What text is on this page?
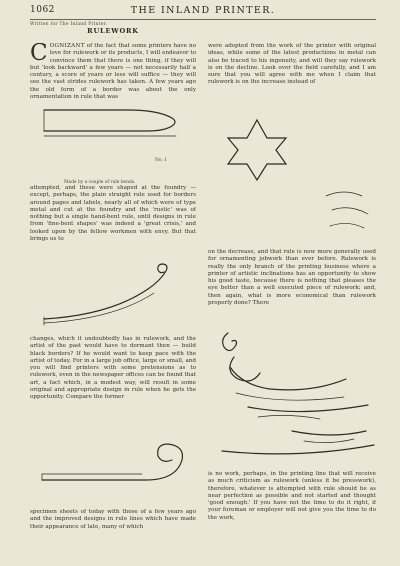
1062	THE INLAND PRINTER.
Written for The Inland Printer.
RULEWORK
· · · · ·

COGNIZANT of the fact that some printers have no love for rulework or its products, I will endeavor to convince them that there is one thing, if they will but 'look backward' a few years — not necessarily half a century, a score of years or less will suffice — they will see the vast strides rulework has taken. A few years ago the old form of a border was about the only ornamentation in rule that was

No. 1
Made by a couple of rule bends.
attempted, and these were shaped at the foundry — except, perhaps, the plain straight rule used for borders around pages and labels, nearly all of which were of type metal and cut at the foundry and the 'rustic' was of nothing but a single hand-bent rule, until designs in rule from 'fine-bent shapes' was indeed a 'great crisis,' and looked upon by the fellow workmen with envy. But that brings us to
changes, which it undoubtedly has in rulework, and the artist of the past would have to dormant then — build black borders? If he would want to keep pace with the artist of today. For in a large job office, large or small, and you will find printers with some pretensions as to rulework, even in the newspaper offices can be found that art, a fact which, in a modest way, will result in some original and appropriate design in rule when he gets the opportunity. Compare the former
specimen sheets of today with those of a few years ago and the improved designs in rule lines which have made their appearance of late, many of which
were adopted from the work of the printer with original ideas, while some of the latest productions in metal can also be traced to his ingenuity, and will they say rulework is on the decline. Look over the field carefully, and I am sure that you will agree with me when I claim that rulework is on the increase instead of
on the decrease, and that rule is now more generally used for ornamenting jobwork than ever before. Rulework is really the only branch of the printing business where a printer of artistic inclinations has an opportunity to show his good taste, because there is nothing that pleases the eye better than a well executed piece of rulework; and, then again, what is more economical than rulework properly done? There
is no work, perhaps, in the printing line that will receive as much criticism as rulework (unless it be presswork), therefore, whatever is attempted with rule should be as near perfection as possible and not started and thought 'good enough.' If you have not the time to do it right, if your foreman or employer will not give you the time to do the work,
